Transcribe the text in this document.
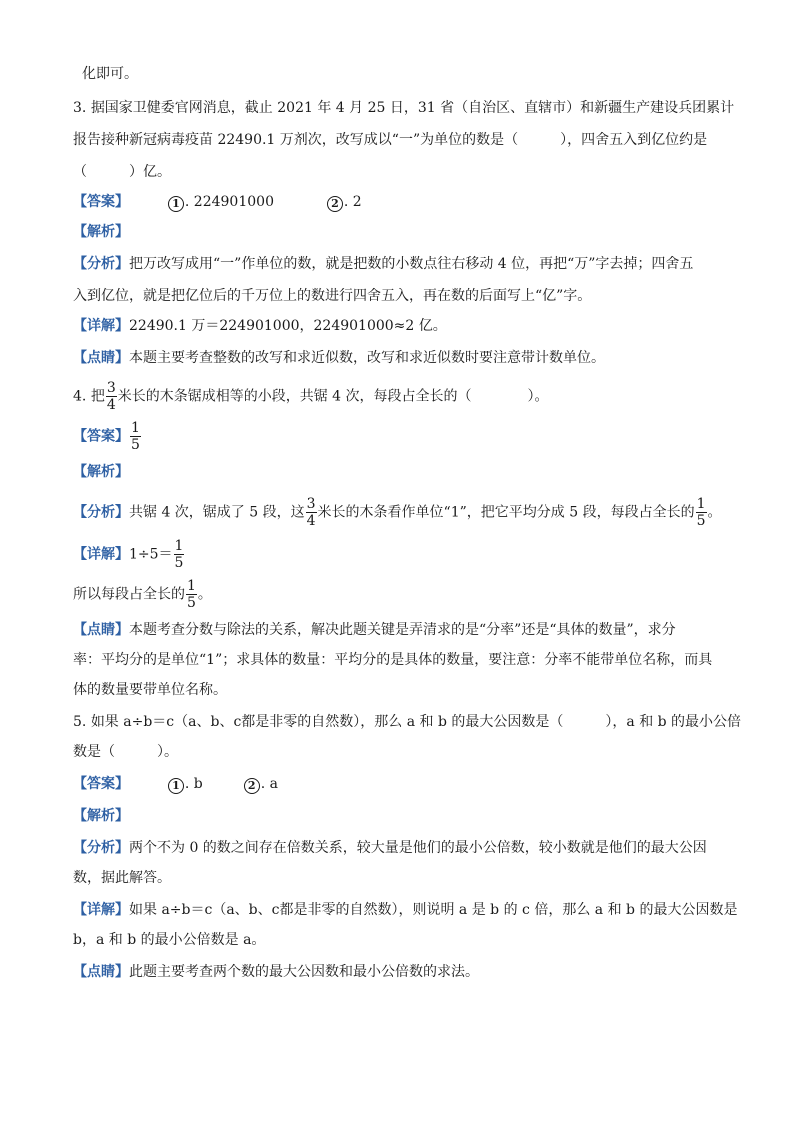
化即可。
3. 据国家卫健委官网消息，截止 2021 年 4 月 25 日，31 省（自治区、直辖市）和新疆生产建设兵团累计
报告接种新冠病毒疫苗 22490.1 万剂次，改写成以“一”为单位的数是（　　　），四舍五入到亿位约是
（　　　）亿。
【答案】	1 . 224901000	2 . 2
【解析】
【分析】把万改写成用“一”作单位的数，就是把数的小数点往右移动 4 位，再把“万”字去掉；四舍五
入到亿位，就是把亿位后的千万位上的数进行四舍五入，再在数的后面写上“亿”字。
【详解】22490.1 万＝224901000，224901000≈2 亿。
【点睛】本题主要考查整数的改写和求近似数，改写和求近似数时要注意带计数单位。
4. 把 $\frac{3}{4}$ 米长的木条锯成相等的小段，共锯 4 次，每段占全长的（　　　　）。
【答案】 $\frac{1}{5}$
【解析】
【分析】共锯 4 次，锯成了 5 段，这 $\frac{3}{4}$ 米长的木条看作单位“1”，把它平均分成 5 段，每段占全长的 $\frac{1}{5}$ 。
【详解】$1\div 5= \frac{1}{5}$
所以每段占全长的 $\frac{1}{5}$ 。
【点睛】本题考查分数与除法的关系，解决此题关键是弄清求的是“分率”还是“具体的数量”，求分
率：平均分的是单位“1”；求具体的数量：平均分的是具体的数量，要注意：分率不能带单位名称，而具
体的数量要带单位名称。
5. 如果 a÷b＝c（a、b、c都是非零的自然数），那么 a 和 b 的最大公因数是（　　　），a 和 b 的最小公倍
数是（　　　）。
【答案】	1 . b	2 . a
【解析】
【分析】两个不为 0 的数之间存在倍数关系，较大量是他们的最小公倍数，较小数就是他们的最大公因
数，据此解答。
【详解】如果 a÷b＝c（a、b、c都是非零的自然数），则说明 a 是 b 的 c 倍，那么 a 和 b 的最大公因数是
b，a 和 b 的最小公倍数是 a。
【点睛】此题主要考查两个数的最大公因数和最小公倍数的求法。
